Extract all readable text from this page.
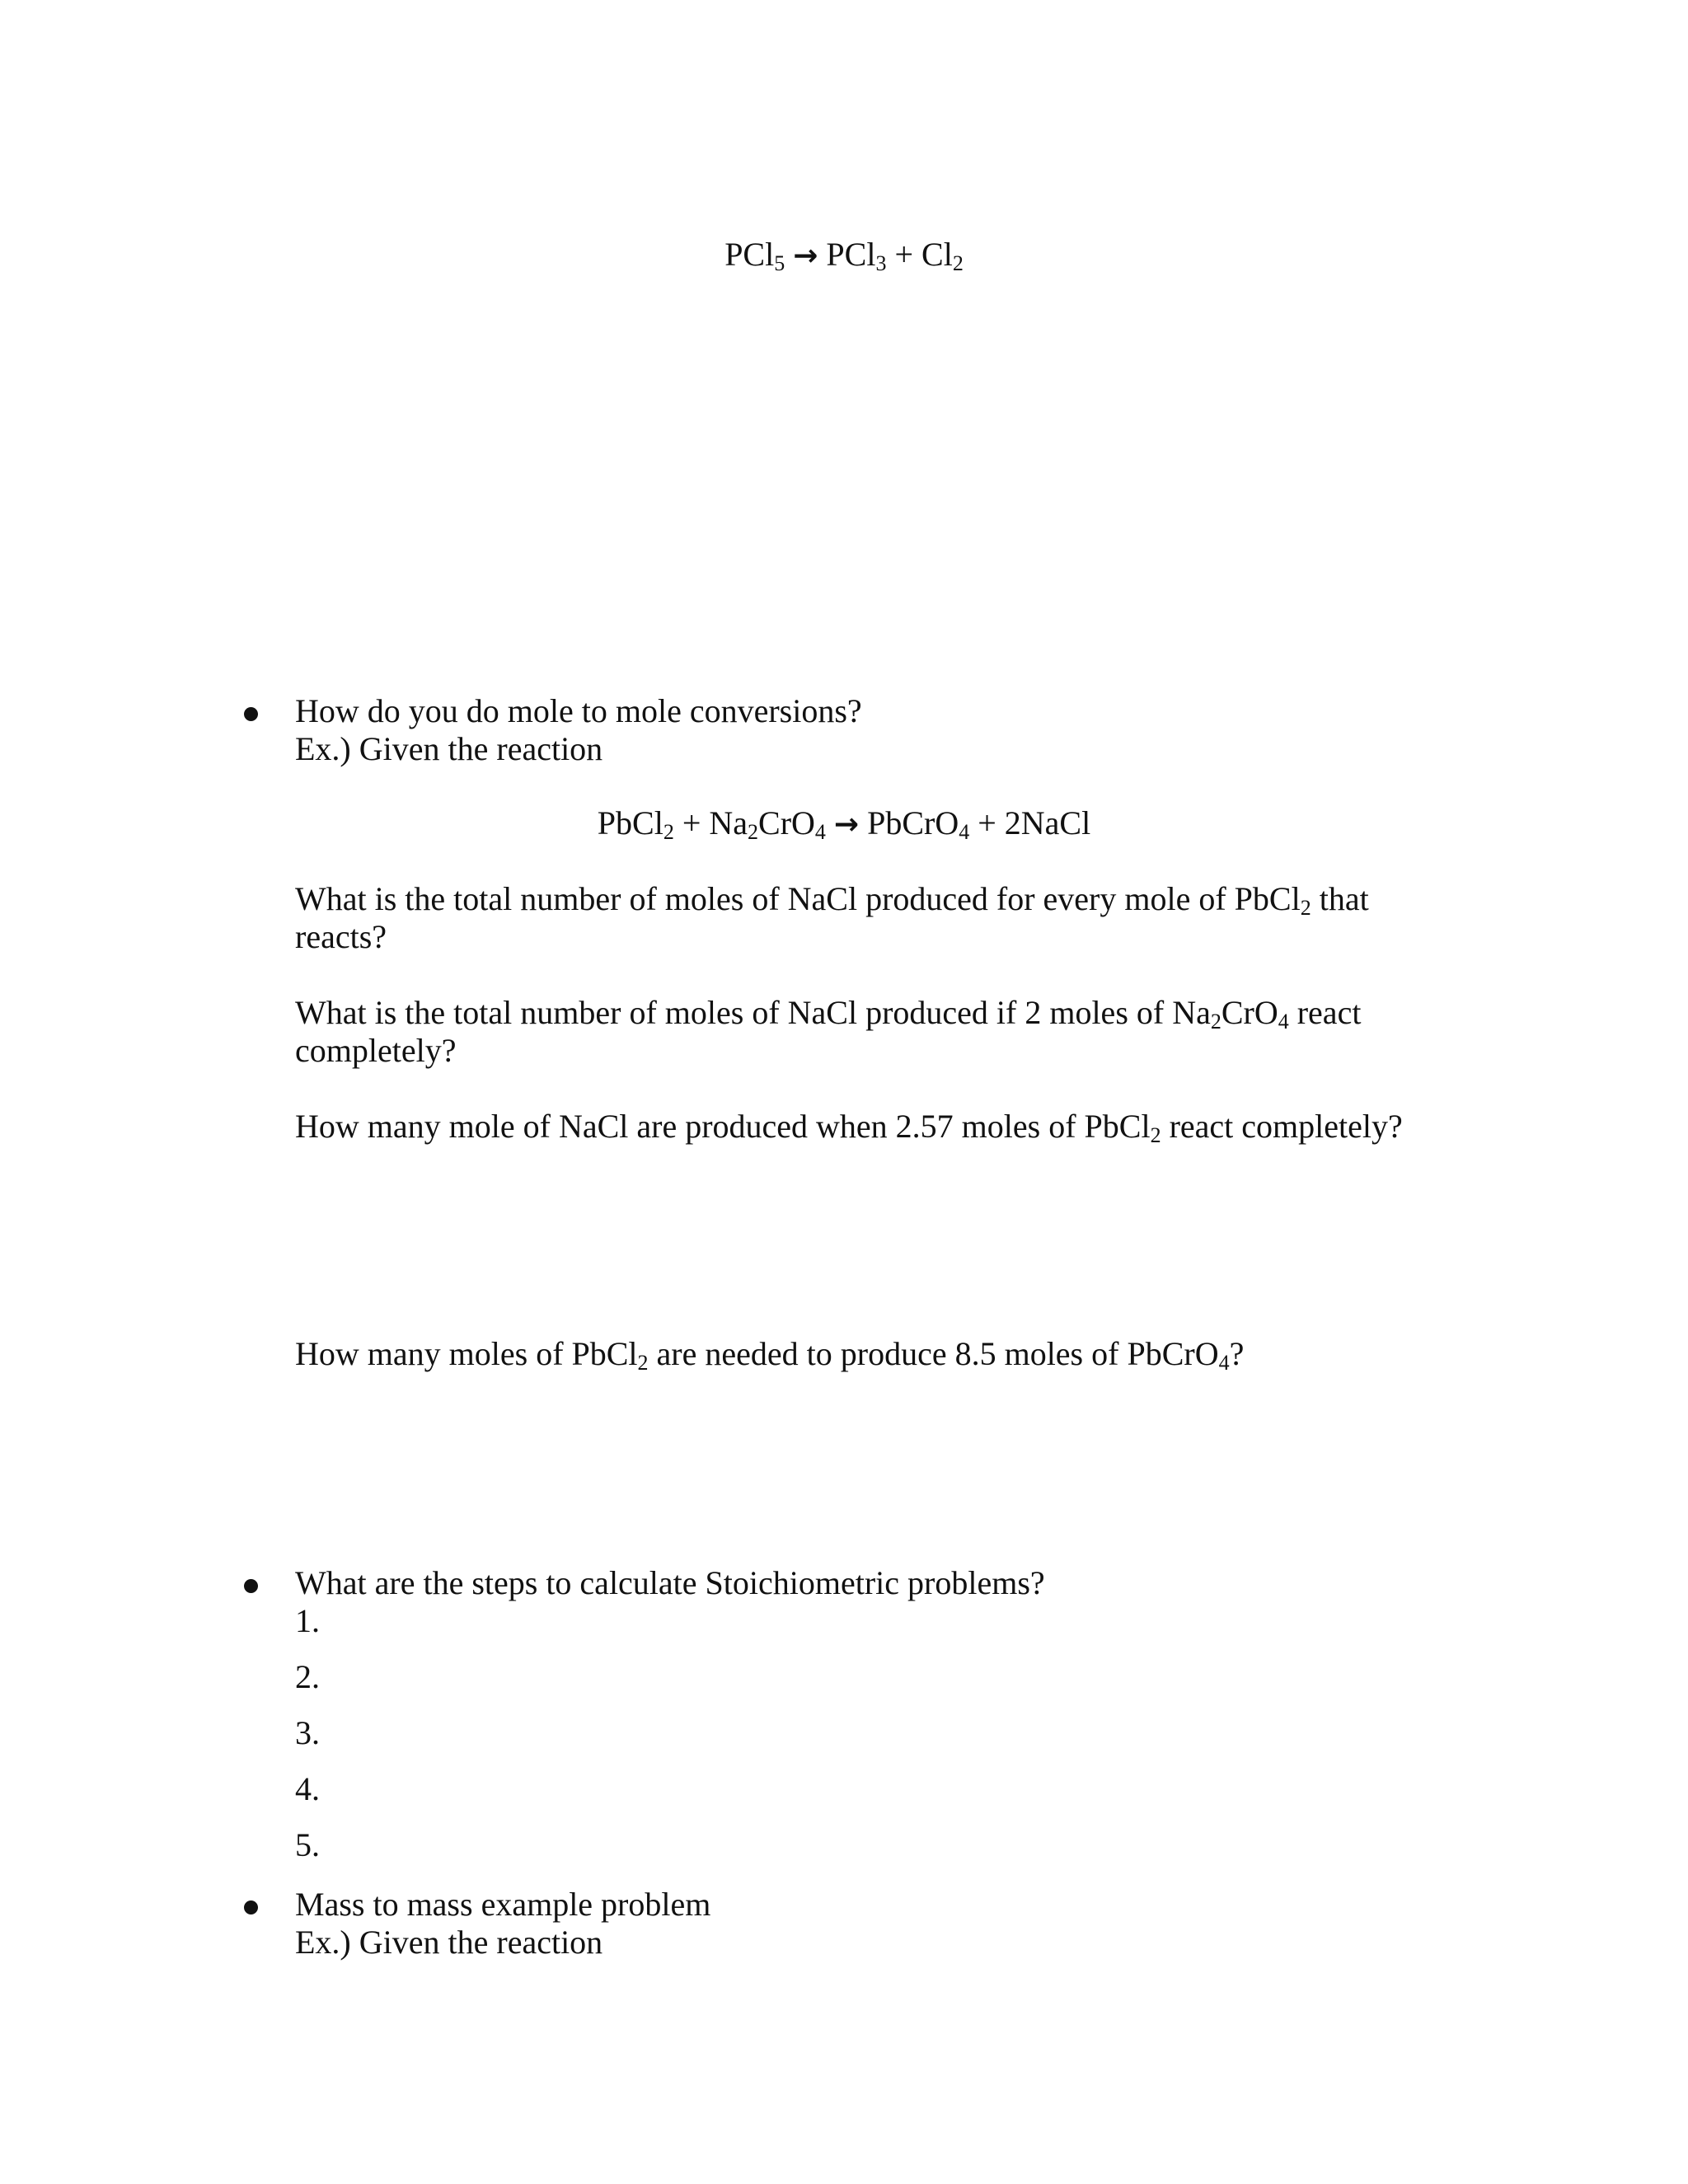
$PCl_5 \to PCl_3 + Cl_2$
How do you do mole to mole conversions?
Ex.) Given the reaction
PbCl$_2$ + $Na_2CrO_4$ → PbCrO$_4$ + 2NaCl
What is the total number of moles of NaCl produced for every mole of PbCl$_2$ that
reacts?
What is the total number of moles of NaCl produced if 2 moles of $Na_2CrO_4$ react
completely?
How many mole of NaCl are produced when 2.57 moles of PbCl$_2$ react completely?
How many moles of PbCl$_2$ are needed to produce 8.5 moles of PbCrO$_4$?
What are the steps to calculate Stoichiometric problems?
1.
2.
3.
4.
5.
Mass to mass example problem
Ex.) Given the reaction
